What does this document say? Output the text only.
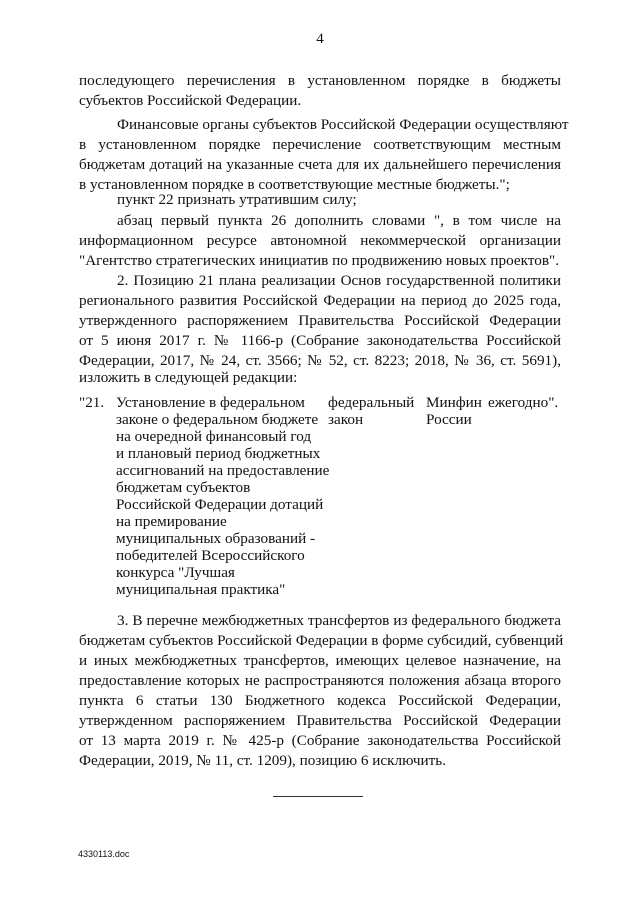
4
последующего перечисления в установленном порядке в бюджеты
субъектов Российской Федерации.
Финансовые органы субъектов Российской Федерации осуществляют
в установленном порядке перечисление соответствующим местным
бюджетам дотаций на указанные счета для их дальнейшего перечисления
в установленном порядке в соответствующие местные бюджеты.";
пункт 22 признать утратившим силу;
абзац первый пункта 26 дополнить словами ", в том числе на
информационном ресурсе автономной некоммерческой организации
"Агентство стратегических инициатив по продвижению новых проектов".
2. Позицию 21 плана реализации Основ государственной политики
регионального развития Российской Федерации на период до 2025 года,
утвержденного распоряжением Правительства Российской Федерации
от 5 июня 2017 г. № 1166-р (Собрание законодательства Российской
Федерации, 2017, № 24, ст. 3566; № 52, ст. 8223; 2018, № 36, ст. 5691),
изложить в следующей редакции:
"21. Установление в федеральном
законе о федеральном бюджете
на очередной финансовый год
и плановый период бюджетных
ассигнований на предоставление
бюджетам субъектов
Российской Федерации дотаций
на премирование
муниципальных образований -
победителей Всероссийского
конкурса "Лучшая
муниципальная практика"
федеральный
закон
Минфин
России
ежегодно".
3. В перечне межбюджетных трансфертов из федерального бюджета
бюджетам субъектов Российской Федерации в форме субсидий, субвенций
и иных межбюджетных трансфертов, имеющих целевое назначение, на
предоставление которых не распространяются положения абзаца второго
пункта 6 статьи 130 Бюджетного кодекса Российской Федерации,
утвержденном распоряжением Правительства Российской Федерации
от 13 марта 2019 г. № 425-р (Собрание законодательства Российской
Федерации, 2019, № 11, ст. 1209), позицию 6 исключить.
4330113.doc
